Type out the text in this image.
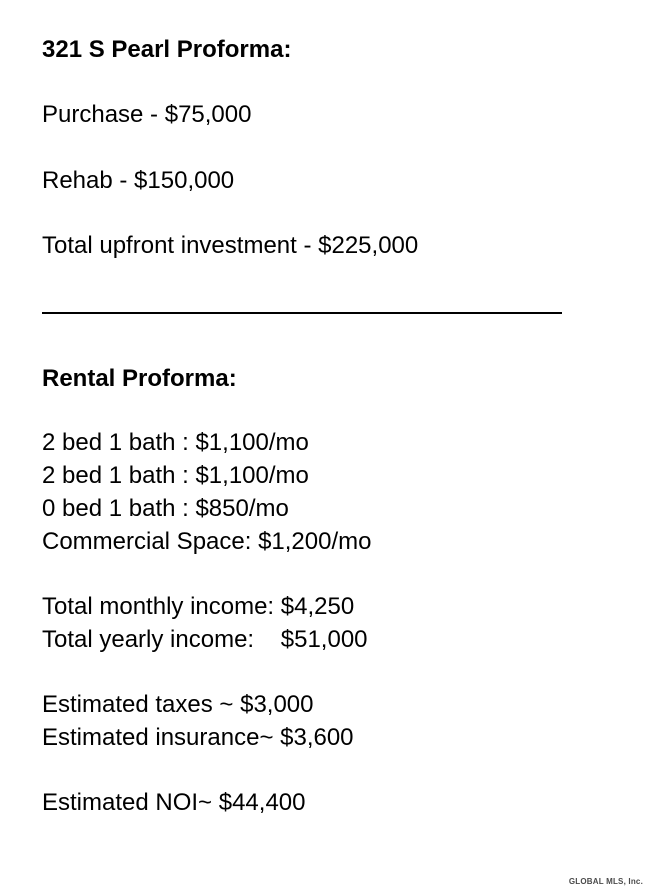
321 S Pearl Proforma:
Purchase - $75,000
Rehab - $150,000
Total upfront investment - $225,000
Rental Proforma:
2 bed 1 bath : $1,100/mo
2 bed 1 bath : $1,100/mo
0 bed 1 bath : $850/mo
Commercial Space: $1,200/mo
Total monthly income: $4,250
Total yearly income:    $51,000
Estimated taxes ~ $3,000
Estimated insurance~ $3,600
Estimated NOI~ $44,400
GLOBAL MLS, Inc.
